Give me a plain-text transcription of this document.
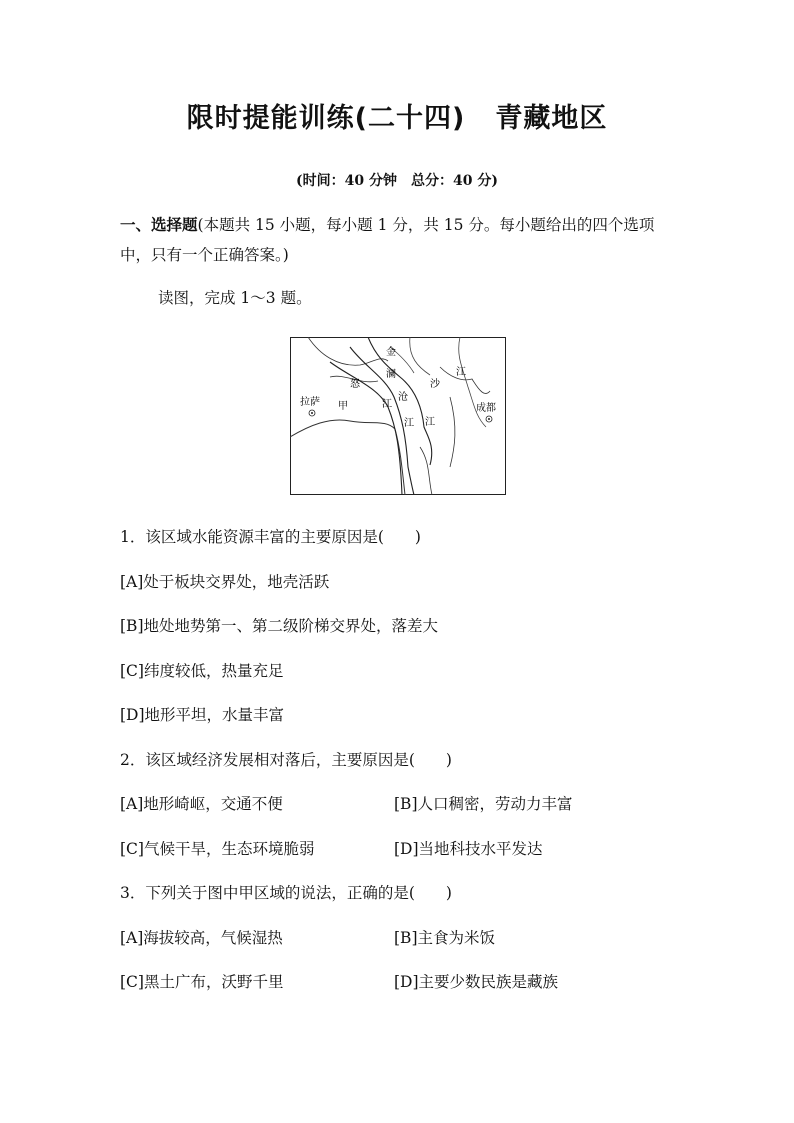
限时提能训练(二十四) 青藏地区
(时间：40 分钟　总分：40 分)
一、选择题(本题共 15 小题，每小题 1 分，共 15 分。每小题给出的四个选项中，只有一个正确答案。)
读图，完成 1～3 题。
金
沙
江
澜
沧
江
怒
江
江
拉萨 甲	成都
1．该区域水能资源丰富的主要原因是(　　)
[A]处于板块交界处，地壳活跃
[B]地处地势第一、第二级阶梯交界处，落差大
[C]纬度较低，热量充足
[D]地形平坦，水量丰富
2．该区域经济发展相对落后，主要原因是(　　)
[A]地形崎岖，交通不便	[B]人口稠密，劳动力丰富
[C]气候干旱，生态环境脆弱	[D]当地科技水平发达
3．下列关于图中甲区域的说法，正确的是(　　)
[A]海拔较高，气候湿热	[B]主食为米饭
[C]黑土广布，沃野千里	[D]主要少数民族是藏族
